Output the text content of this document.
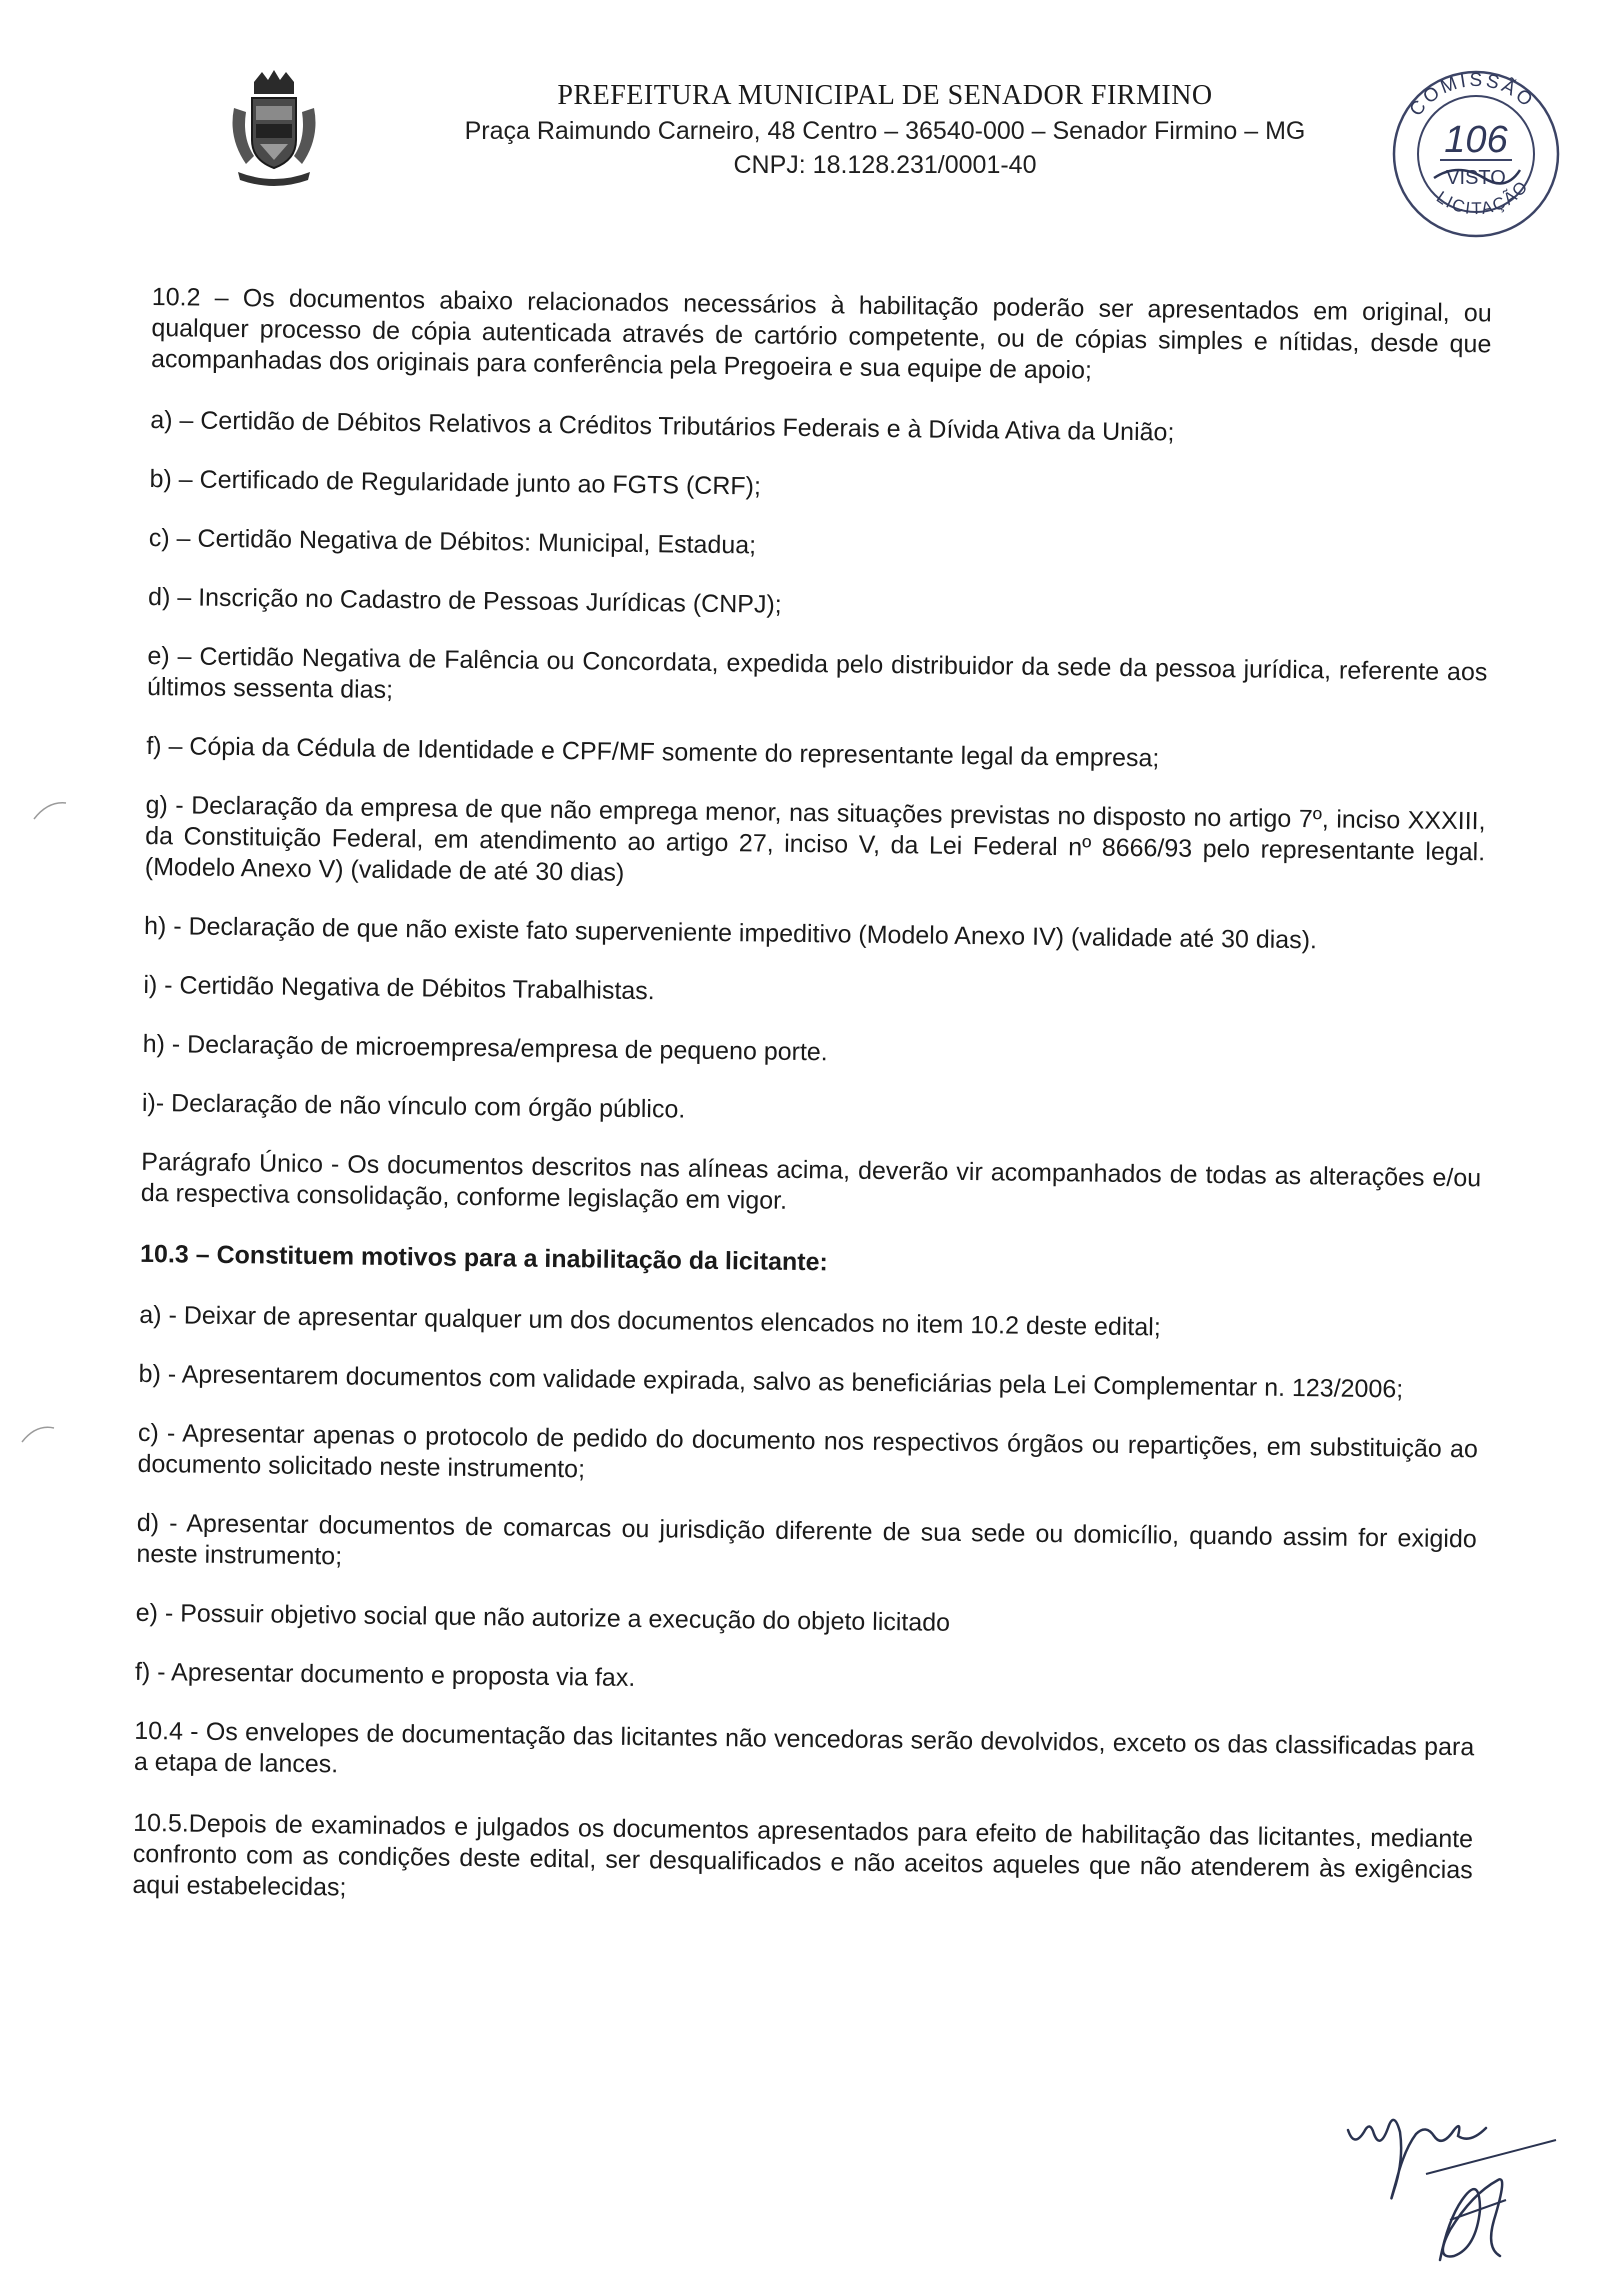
PREFEITURA MUNICIPAL DE SENADOR FIRMINO

Praça Raimundo Carneiro, 48 Centro – 36540-000 – Senador Firmino – MG

CNPJ: 18.128.231/0001-40

COMISSÃO
LICITAÇÃO
106
VISTO

10.2 – Os documentos abaixo relacionados necessários à habilitação poderão ser apresentados em original, ou qualquer processo de cópia autenticada através de cartório competente, ou de cópias simples e nítidas, desde que acompanhadas dos originais para conferência pela Pregoeira e sua equipe de apoio;

a) – Certidão de Débitos Relativos a Créditos Tributários Federais e à Dívida Ativa da União;

b) – Certificado de Regularidade junto ao FGTS (CRF);

c) – Certidão Negativa de Débitos: Municipal, Estadua;

d) – Inscrição no Cadastro de Pessoas Jurídicas (CNPJ);

e) – Certidão Negativa de Falência ou Concordata, expedida pelo distribuidor da sede da pessoa jurídica, referente aos últimos sessenta dias;

f) – Cópia da Cédula de Identidade e CPF/MF somente do representante legal da empresa;

g) - Declaração da empresa de que não emprega menor, nas situações previstas no disposto no artigo 7º, inciso XXXIII, da Constituição Federal, em atendimento ao artigo 27, inciso V, da Lei Federal nº 8666/93 pelo representante legal. (Modelo Anexo V) (validade de até 30 dias)

h) - Declaração de que não existe fato superveniente impeditivo (Modelo Anexo IV) (validade até 30 dias).

i) - Certidão Negativa de Débitos Trabalhistas.

h) - Declaração de microempresa/empresa de pequeno porte.

i)- Declaração de não vínculo com órgão público.

Parágrafo Único - Os documentos descritos nas alíneas acima, deverão vir acompanhados de todas as alterações e/ou da respectiva consolidação, conforme legislação em vigor.

10.3 – Constituem motivos para a inabilitação da licitante:

a) - Deixar de apresentar qualquer um dos documentos elencados no item 10.2 deste edital;

b) - Apresentarem documentos com validade expirada, salvo as beneficiárias pela Lei Complementar n. 123/2006;

c) - Apresentar apenas o protocolo de pedido do documento nos respectivos órgãos ou repartições, em substituição ao documento solicitado neste instrumento;

d) - Apresentar documentos de comarcas ou jurisdição diferente de sua sede ou domicílio, quando assim for exigido neste instrumento;

e) - Possuir objetivo social que não autorize a execução do objeto licitado

f) - Apresentar documento e proposta via fax.

10.4 - Os envelopes de documentação das licitantes não vencedoras serão devolvidos, exceto os das classificadas para a etapa de lances.

10.5.Depois de examinados e julgados os documentos apresentados para efeito de habilitação das licitantes, mediante confronto com as condições deste edital, ser desqualificados e não aceitos aqueles que não atenderem às exigências aqui estabelecidas;
